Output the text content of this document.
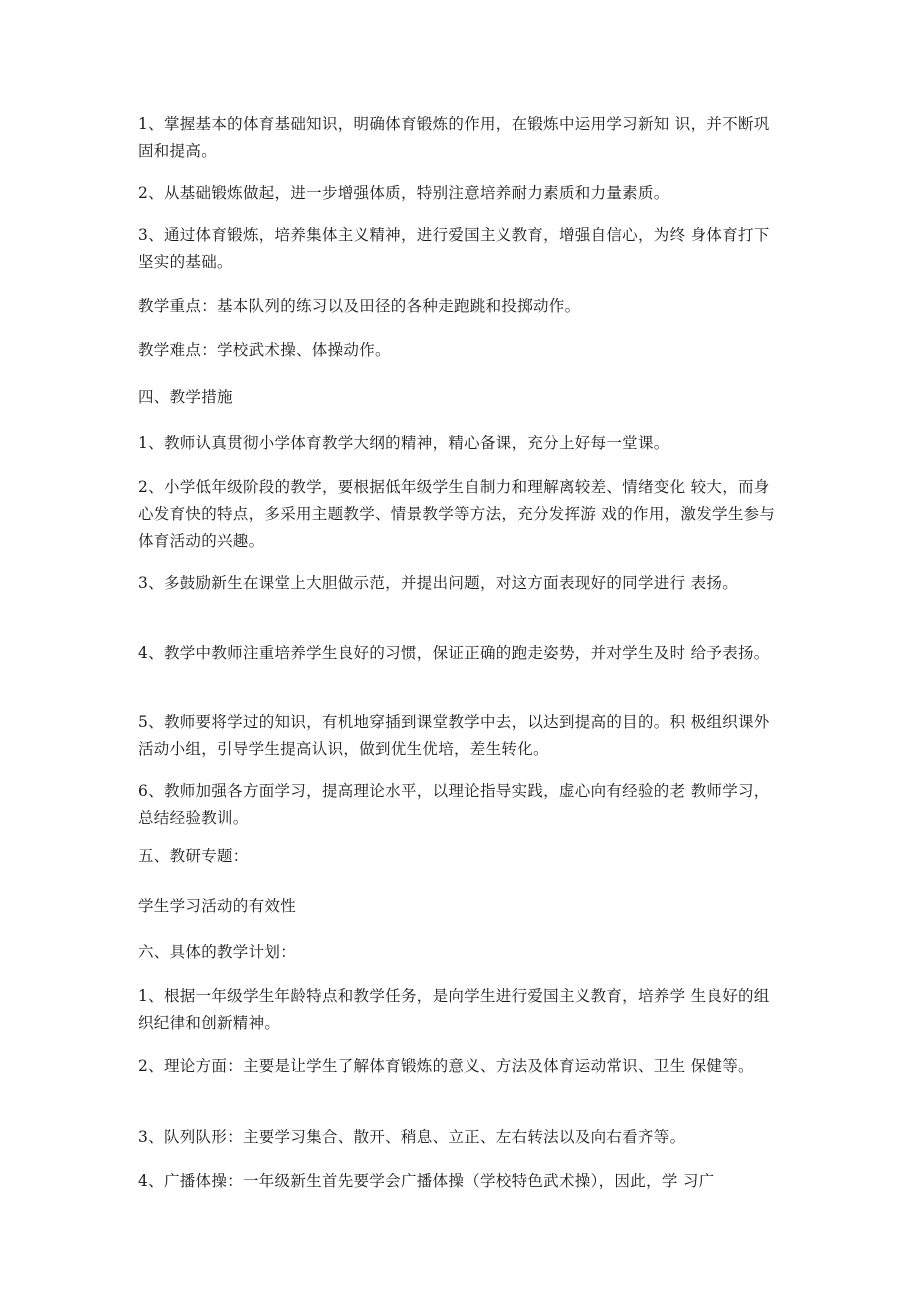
1、掌握基本的体育基础知识，明确体育锻炼的作用，在锻炼中运用学习新知 识，并不断巩固和提高。

2、从基础锻炼做起，进一步增强体质，特别注意培养耐力素质和力量素质。

3、通过体育锻炼，培养集体主义精神，进行爱国主义教育，增强自信心，为终 身体育打下坚实的基础。

教学重点：基本队列的练习以及田径的各种走跑跳和投掷动作。

教学难点：学校武术操、体操动作。

四、教学措施

1、教师认真贯彻小学体育教学大纲的精神，精心备课，充分上好每一堂课。

2、小学低年级阶段的教学，要根据低年级学生自制力和理解离较差、情绪变化 较大，而身心发育快的特点，多采用主题教学、情景教学等方法，充分发挥游 戏的作用，激发学生参与体育活动的兴趣。

3、多鼓励新生在课堂上大胆做示范，并提出问题，对这方面表现好的同学进行 表扬。

4、教学中教师注重培养学生良好的习惯，保证正确的跑走姿势，并对学生及时 给予表扬。

5、教师要将学过的知识，有机地穿插到课堂教学中去，以达到提高的目的。积 极组织课外活动小组，引导学生提高认识，做到优生优培，差生转化。

6、教师加强各方面学习，提高理论水平，以理论指导实践，虚心向有经验的老 教师学习，总结经验教训。

五、教研专题：

学生学习活动的有效性

六、具体的教学计划：

1、根据一年级学生年龄特点和教学任务，是向学生进行爱国主义教育，培养学 生良好的组织纪律和创新精神。

2、理论方面：主要是让学生了解体育锻炼的意义、方法及体育运动常识、卫生 保健等。

3、队列队形：主要学习集合、散开、稍息、立正、左右转法以及向右看齐等。

4、广播体操：一年级新生首先要学会广播体操（学校特色武术操），因此，学 习广
